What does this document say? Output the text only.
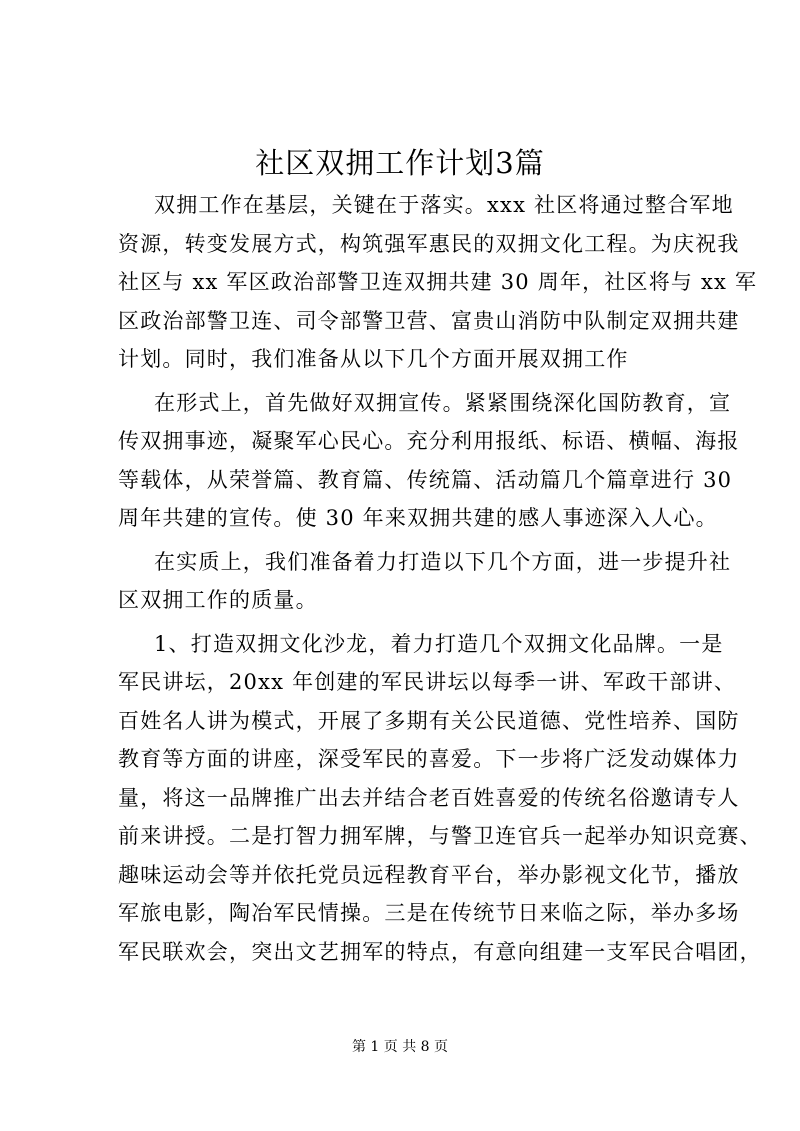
社区双拥工作计划3篇
双拥工作在基层，关键在于落实。xxx 社区将通过整合军地
资源，转变发展方式，构筑强军惠民的双拥文化工程。为庆祝我
社区与 xx 军区政治部警卫连双拥共建 30 周年，社区将与 xx 军
区政治部警卫连、司令部警卫营、富贵山消防中队制定双拥共建
计划。同时，我们准备从以下几个方面开展双拥工作
在形式上，首先做好双拥宣传。紧紧围绕深化国防教育，宣
传双拥事迹，凝聚军心民心。充分利用报纸、标语、横幅、海报
等载体，从荣誉篇、教育篇、传统篇、活动篇几个篇章进行 30
周年共建的宣传。使 30 年来双拥共建的感人事迹深入人心。
在实质上，我们准备着力打造以下几个方面，进一步提升社
区双拥工作的质量。
1、打造双拥文化沙龙，着力打造几个双拥文化品牌。一是
军民讲坛，20xx 年创建的军民讲坛以每季一讲、军政干部讲、
百姓名人讲为模式，开展了多期有关公民道德、党性培养、国防
教育等方面的讲座，深受军民的喜爱。下一步将广泛发动媒体力
量，将这一品牌推广出去并结合老百姓喜爱的传统名俗邀请专人
前来讲授。二是打智力拥军牌，与警卫连官兵一起举办知识竞赛、
趣味运动会等并依托党员远程教育平台，举办影视文化节，播放
军旅电影，陶冶军民情操。三是在传统节日来临之际，举办多场
军民联欢会，突出文艺拥军的特点，有意向组建一支军民合唱团，
第 1 页 共 8 页
